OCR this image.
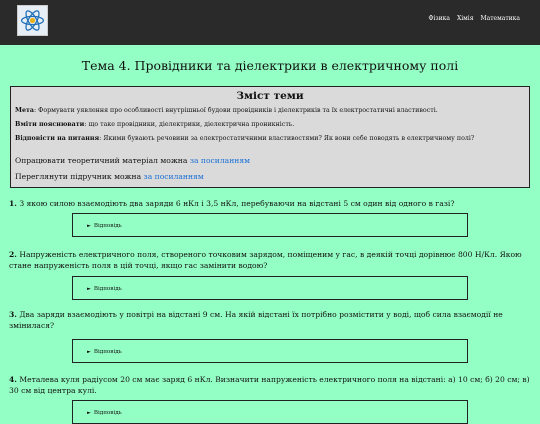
Фізика Хімія Математика
Тема 4. Провідники та діелектрики в електричному полі
Зміст теми
Мета: Формувати уявлення про особливості внутрішньої будови провідників і діелектриків та їх електростатичні властивості.
Вміти пояснювати: що таке провідники, діелектрики, діелектрична проникність.
Відповісти на питання: Якими бувають речовини за електростатичними властивостями? Як вони себе поводять в електричному полі?
Опрацювати теоретичний матеріал можна за посиланням
Переглянути підручник можна за посиланням
1. З якою силою взаємодіють два заряди 6 нКл і 3,5 нКл, перебуваючи на відстані 5 см один від одного в газі?
► Відповідь
2. Напруженість електричного поля, створеного точковим зарядом, поміщеним у гас, в деякій точці дорівнює 800 Н/Кл. Якою стане напруженість поля в цій точці, якщо гас замінити водою?
► Відповідь
3. Два заряди взаємодіють у повітрі на відстані 9 см. На якій відстані їх потрібно розмістити у воді, щоб сила взаємодії не змінилася?
► Відповідь
4. Металева куля радіусом 20 см має заряд 6 нКл. Визначити напруженість електричного поля на відстані: а) 10 см; б) 20 см; в) 30 см від центра кулі.
► Відповідь
